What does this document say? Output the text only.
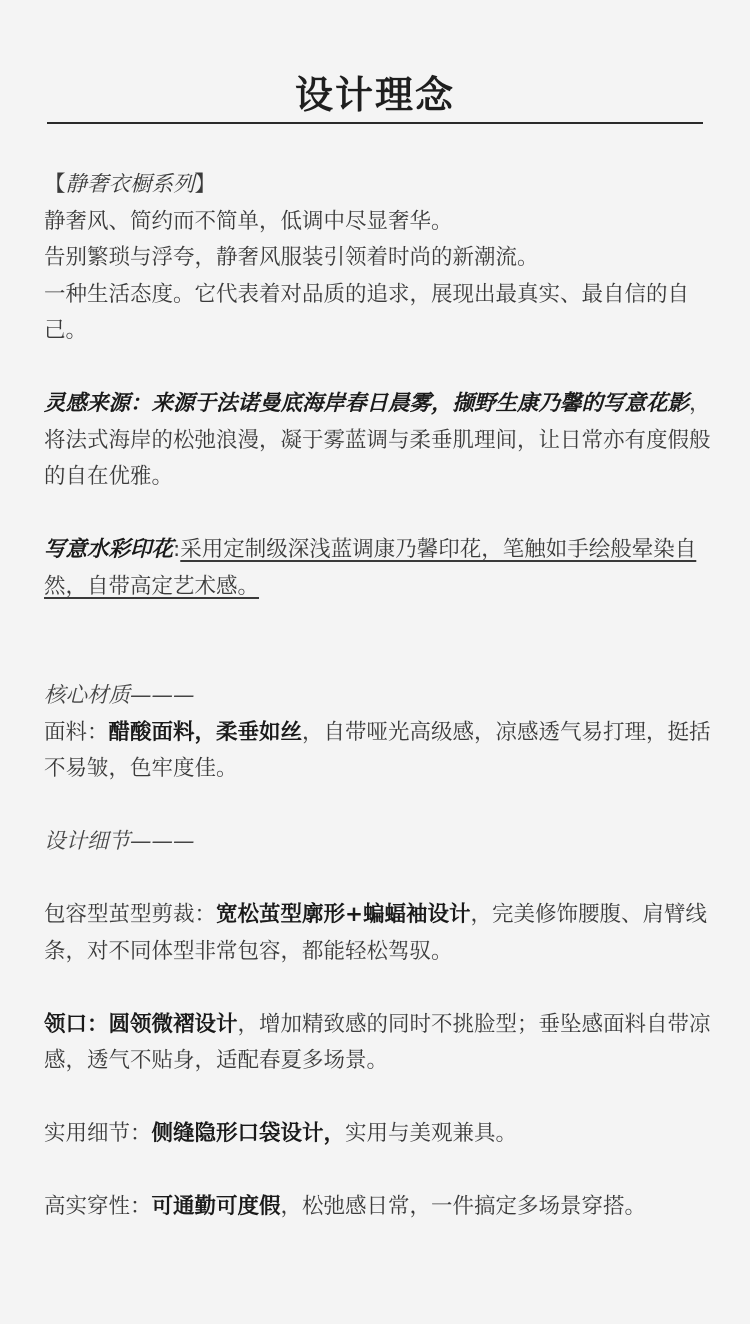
设计理念

【静奢衣橱系列】
静奢风、简约而不简单，低调中尽显奢华。
告别繁琐与浮夸，静奢风服装引领着时尚的新潮流。
一种生活态度。它代表着对品质的追求，展现出最真实、最自信的自己。

灵感来源：来源于法诺曼底海岸春日晨雾，撷野生康乃馨的写意花影，将法式海岸的松弛浪漫，凝于雾蓝调与柔垂肌理间，让日常亦有度假般的自在优雅。

写意水彩印花:采用定制级深浅蓝调康乃馨印花，笔触如手绘般晕染自然，自带高定艺术感。

核心材质———
面料：醋酸面料，柔垂如丝，自带哑光高级感，凉感透气易打理，挺括不易皱，色牢度佳。

设计细节———

包容型茧型剪裁：宽松茧型廓形+蝙蝠袖设计，完美修饰腰腹、肩臂线条，对不同体型非常包容，都能轻松驾驭。

领口：圆领微褶设计，增加精致感的同时不挑脸型；垂坠感面料自带凉感，透气不贴身，适配春夏多场景。

实用细节：侧缝隐形口袋设计，实用与美观兼具。

高实穿性：可通勤可度假，松弛感日常，一件搞定多场景穿搭。
